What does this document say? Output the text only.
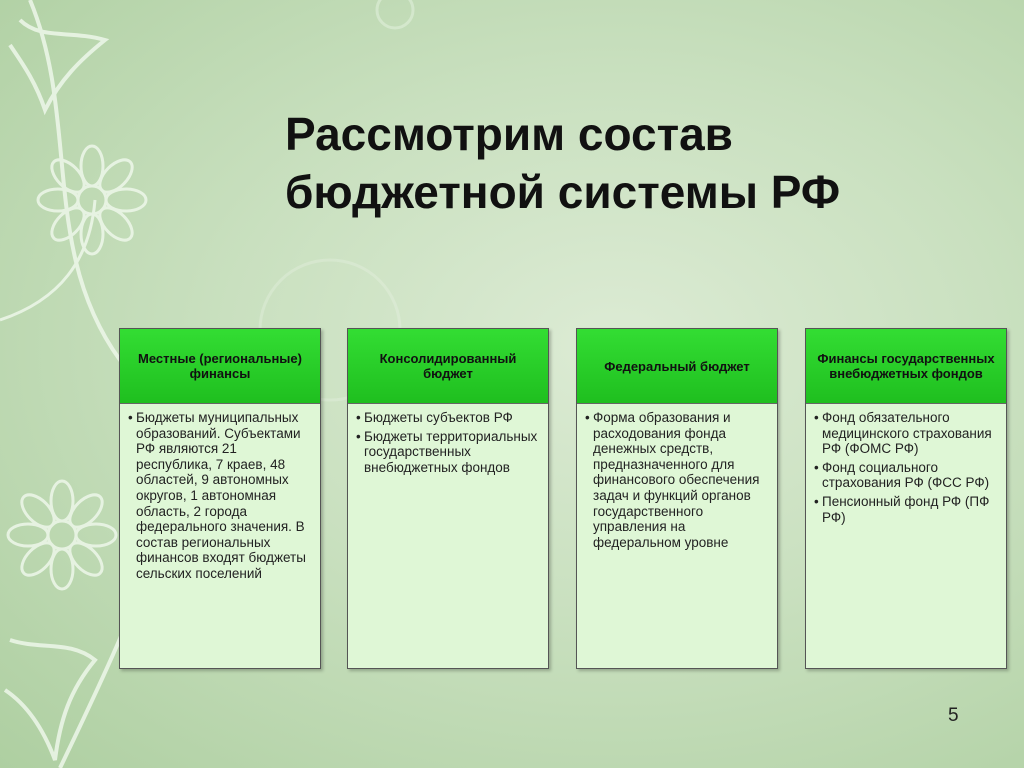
Рассмотрим состав
бюджетной системы РФ
Местные (региональные) финансы
• Бюджеты муниципальных образований. Субъектами РФ являются 21 республика, 7 краев, 48 областей, 9 автономных округов, 1 автономная область, 2 города федерального значения. В состав региональных финансов входят бюджеты сельских поселений
Консолидированный бюджет
• Бюджеты субъектов РФ
• Бюджеты территориальных государственных внебюджетных фондов
Федеральный бюджет
• Форма образования и расходования фонда денежных средств, предназначенного для финансового обеспечения задач и функций органов государственного управления на федеральном уровне
Финансы государственных внебюджетных фондов
• Фонд обязательного медицинского страхования РФ (ФОМС РФ)
• Фонд социального страхования РФ (ФСС РФ)
• Пенсионный фонд РФ (ПФ РФ)
5
